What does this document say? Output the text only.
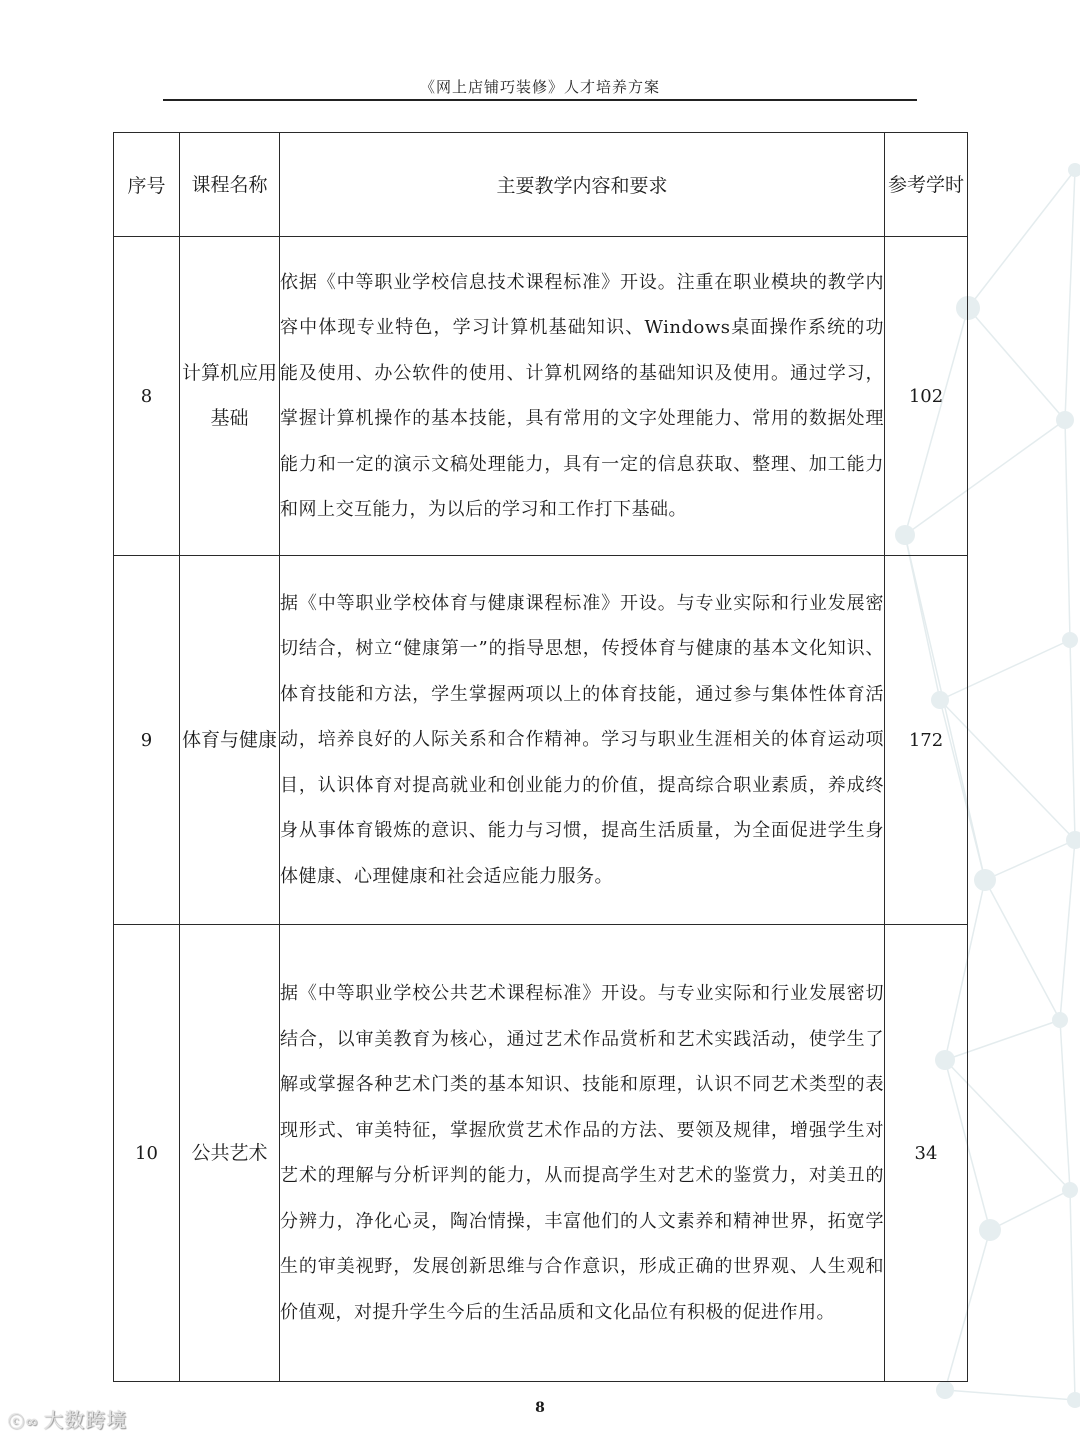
《网上店铺巧装修》人才培养方案
序号	课程名称	主要教学内容和要求	参考学时
8	计算机应用基础	依据《中等职业学校信息技术课程标准》开设。注重在职业模块的教学内容中体现专业特色，学习计算机基础知识、Windows桌面操作系统的功能及使用、办公软件的使用、计算机网络的基础知识及使用。通过学习，掌握计算机操作的基本技能，具有常用的文字处理能力、常用的数据处理能力和一定的演示文稿处理能力，具有一定的信息获取、整理、加工能力和网上交互能力，为以后的学习和工作打下基础。	102
9	体育与健康	据《中等职业学校体育与健康课程标准》开设。与专业实际和行业发展密切结合，树立“健康第一”的指导思想，传授体育与健康的基本文化知识、体育技能和方法，学生掌握两项以上的体育技能，通过参与集体性体育活动，培养良好的人际关系和合作精神。学习与职业生涯相关的体育运动项目，认识体育对提高就业和创业能力的价值，提高综合职业素质，养成终身从事体育锻炼的意识、能力与习惯，提高生活质量，为全面促进学生身体健康、心理健康和社会适应能力服务。	172
10	公共艺术	据《中等职业学校公共艺术课程标准》开设。与专业实际和行业发展密切结合，以审美教育为核心，通过艺术作品赏析和艺术实践活动，使学生了解或掌握各种艺术门类的基本知识、技能和原理，认识不同艺术类型的表现形式、审美特征，掌握欣赏艺术作品的方法、要领及规律，增强学生对艺术的理解与分析评判的能力，从而提高学生对艺术的鉴赏力，对美丑的分辨力，净化心灵，陶冶情操，丰富他们的人文素养和精神世界，拓宽学生的审美视野，发展创新思维与合作意识，形成正确的世界观、人生观和价值观，对提升学生今后的生活品质和文化品位有积极的促进作用。	34
8
ⓒ∞ 大数跨境
